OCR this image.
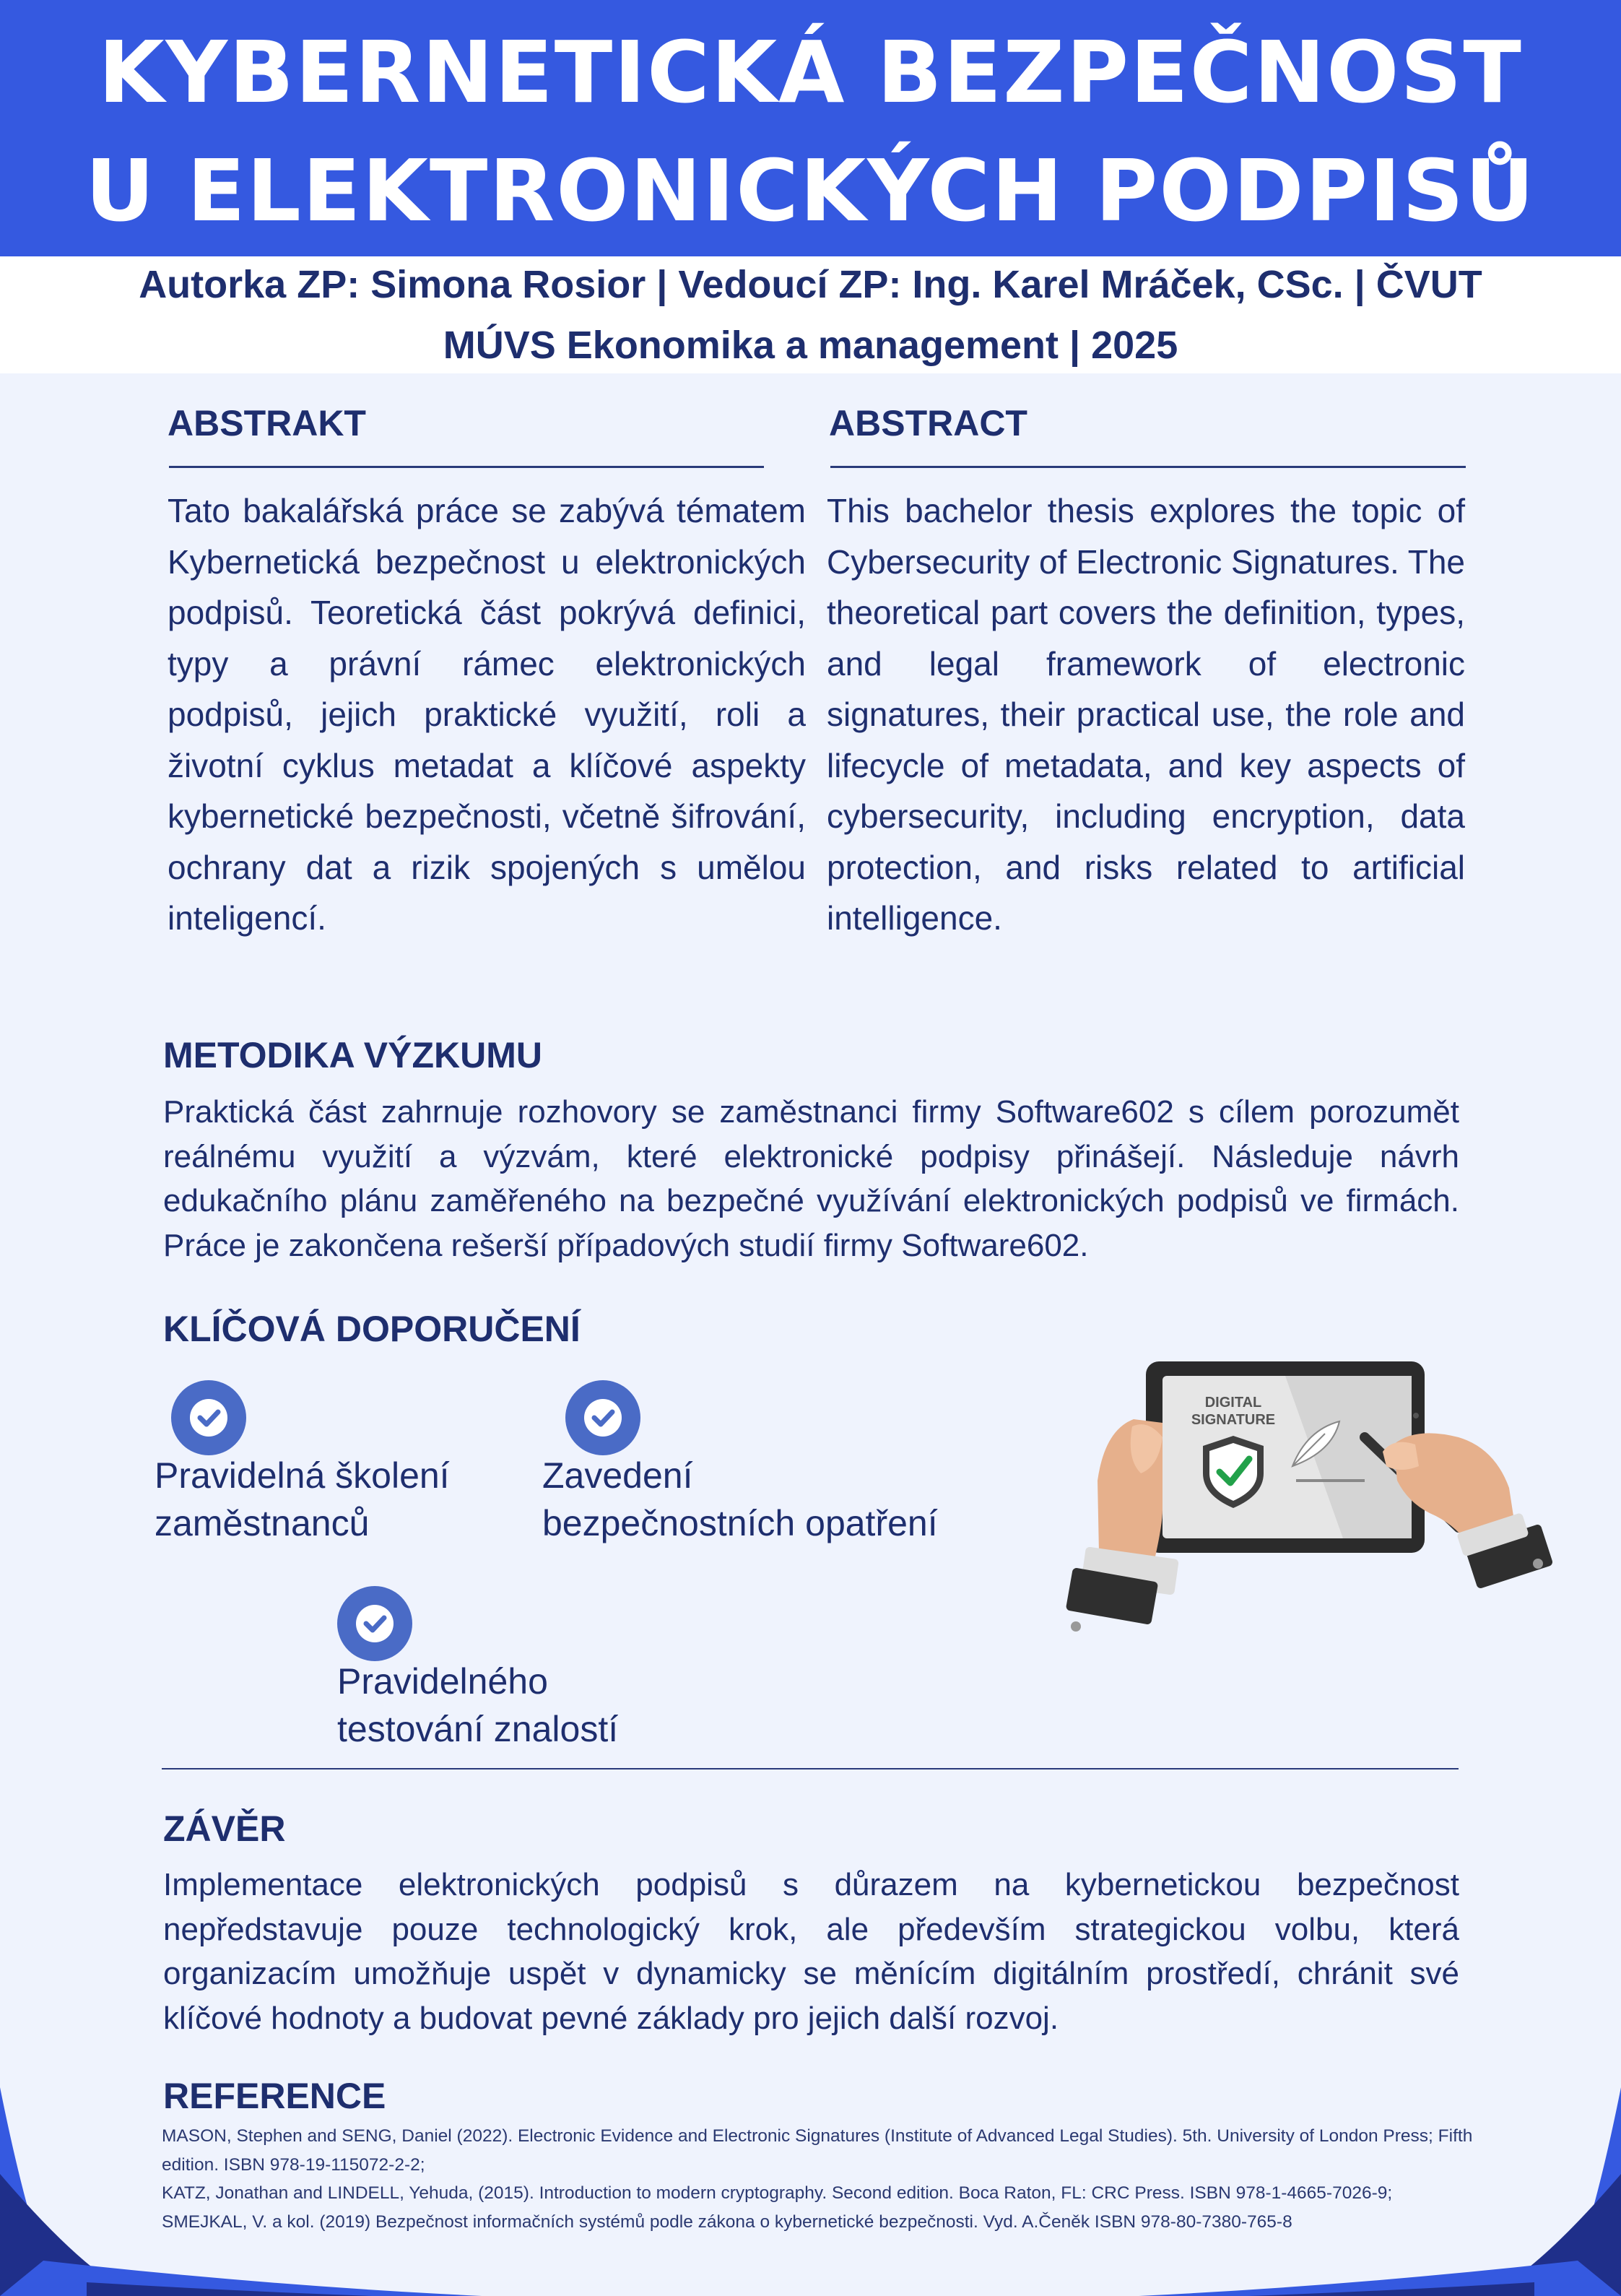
KYBERNETICKÁ BEZPEČNOST
U ELEKTRONICKÝCH PODPISŮ
Autorka ZP: Simona Rosior | Vedoucí ZP: Ing. Karel Mráček, CSc. | ČVUT
MÚVS Ekonomika a management | 2025
ABSTRAKT

Tato bakalářská práce se zabývá tématem Kybernetická bezpečnost u elektronických podpisů. Teoretická část pokrývá definici, typy a právní rámec elektronických podpisů, jejich praktické využití, roli a životní cyklus metadat a klíčové aspekty kybernetické bezpečnosti, včetně šifrování, ochrany dat a rizik spojených s umělou inteligencí.

ABSTRACT

This bachelor thesis explores the topic of Cybersecurity of Electronic Signatures. The theoretical part covers the definition, types, and legal framework of electronic signatures, their practical use, the role and lifecycle of metadata, and key aspects of cybersecurity, including encryption, data protection, and risks related to artificial intelligence.

METODIKA VÝZKUMU

Praktická část zahrnuje rozhovory se zaměstnanci firmy Software602 s cílem porozumět reálnému využití a výzvám, které elektronické podpisy přinášejí. Následuje návrh edukačního plánu zaměřeného na bezpečné využívání elektronických podpisů ve firmách. Práce je zakončena rešerší případových studií firmy Software602.

KLÍČOVÁ DOPORUČENÍ
Pravidelná školení
zaměstnanců
Zavedení
bezpečnostních opatření
Pravidelného
testování znalostí
DIGITAL
SIGNATURE
ZÁVĚR

Implementace elektronických podpisů s důrazem na kybernetickou bezpečnost nepředstavuje pouze technologický krok, ale především strategickou volbu, která organizacím umožňuje uspět v dynamicky se měnícím digitálním prostředí, chránit své klíčové hodnoty a budovat pevné základy pro jejich další rozvoj.

REFERENCE
MASON, Stephen and SENG, Daniel (2022). Electronic Evidence and Electronic Signatures (Institute of Advanced Legal Studies). 5th. University of London Press; Fifth edition. ISBN 978-19-115072-2-2;
KATZ, Jonathan and LINDELL, Yehuda, (2015). Introduction to modern cryptography. Second edition. Boca Raton, FL: CRC Press. ISBN 978-1-4665-7026-9;
SMEJKAL, V. a kol. (2019) Bezpečnost informačních systémů podle zákona o kybernetické bezpečnosti. Vyd. A.Čeněk ISBN 978-80-7380-765-8
